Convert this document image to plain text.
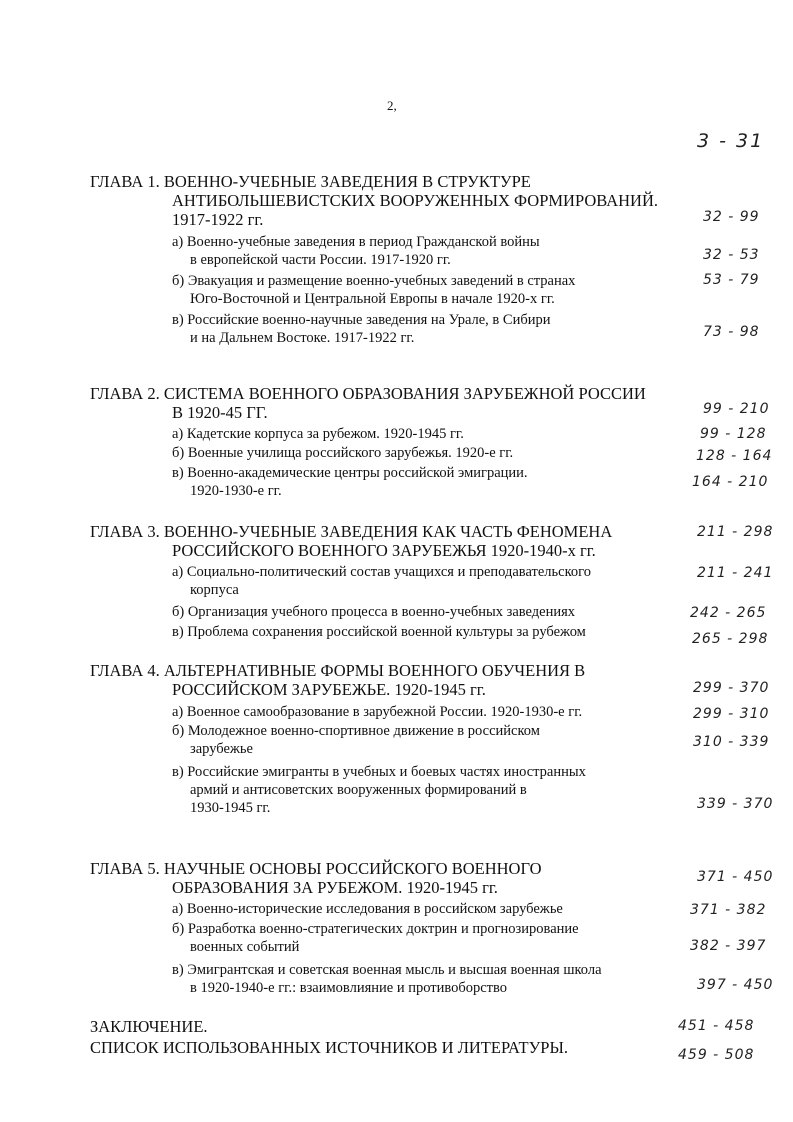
2,
3 - 31
ГЛАВА 1. ВОЕННО-УЧЕБНЫЕ ЗАВЕДЕНИЯ В СТРУКТУРЕ
АНТИБОЛЬШЕВИСТСКИХ ВООРУЖЕННЫХ ФОРМИРОВАНИЙ.
1917-1922 гг.	32 - 99
а) Военно-учебные заведения в период Гражданской войны
в европейской части России. 1917-1920 гг.	32 - 53
б) Эвакуация и размещение военно-учебных заведений в странах
Юго-Восточной и Центральной Европы в начале 1920-х гг.
53 - 79
в) Российские военно-научные заведения на Урале, в Сибири
и на Дальнем Востоке. 1917-1922 гг.	73 - 98
ГЛАВА 2. СИСТЕМА ВОЕННОГО ОБРАЗОВАНИЯ ЗАРУБЕЖНОЙ РОССИИ
В 1920-45 ГГ.	99 - 210
а) Кадетские корпуса за рубежом. 1920-1945 гг.	99 - 128
б) Военные училища российского зарубежья. 1920-е гг.	128 - 164
в) Военно-академические центры российской эмиграции.
1920-1930-е гг.
164 - 210
ГЛАВА 3. ВОЕННО-УЧЕБНЫЕ ЗАВЕДЕНИЯ КАК ЧАСТЬ ФЕНОМЕНА
РОССИЙСКОГО ВОЕННОГО ЗАРУБЕЖЬЯ 1920-1940-х гг.
211 - 298
а) Социально-политический состав учащихся и преподавательского
корпуса
211 - 241
б) Организация учебного процесса в военно-учебных заведениях	242 - 265
в) Проблема сохранения российской военной культуры за рубежом	265 - 298
ГЛАВА 4. АЛЬТЕРНАТИВНЫЕ ФОРМЫ ВОЕННОГО ОБУЧЕНИЯ В
РОССИЙСКОМ ЗАРУБЕЖЬЕ. 1920-1945 гг.	299 - 370
а) Военное самообразование в зарубежной России. 1920-1930-е гг.	299 - 310
б) Молодежное военно-спортивное движение в российском
зарубежье	310 - 339
в) Российские эмигранты в учебных и боевых частях иностранных
армий и антисоветских вооруженных формирований в
1930-1945 гг.	339 - 370
ГЛАВА 5. НАУЧНЫЕ ОСНОВЫ РОССИЙСКОГО ВОЕННОГО
ОБРАЗОВАНИЯ ЗА РУБЕЖОМ. 1920-1945 гг.
371 - 450
а) Военно-исторические исследования в российском зарубежье	371 - 382
б) Разработка военно-стратегических доктрин и прогнозирование
военных событий	382 - 397
в) Эмигрантская и советская военная мысль и высшая военная школа
в 1920-1940-е гг.: взаимовлияние и противоборство	397 - 450
ЗАКЛЮЧЕНИЕ.	451 - 458
СПИСОК ИСПОЛЬЗОВАННЫХ ИСТОЧНИКОВ И ЛИТЕРАТУРЫ.	459 - 508
